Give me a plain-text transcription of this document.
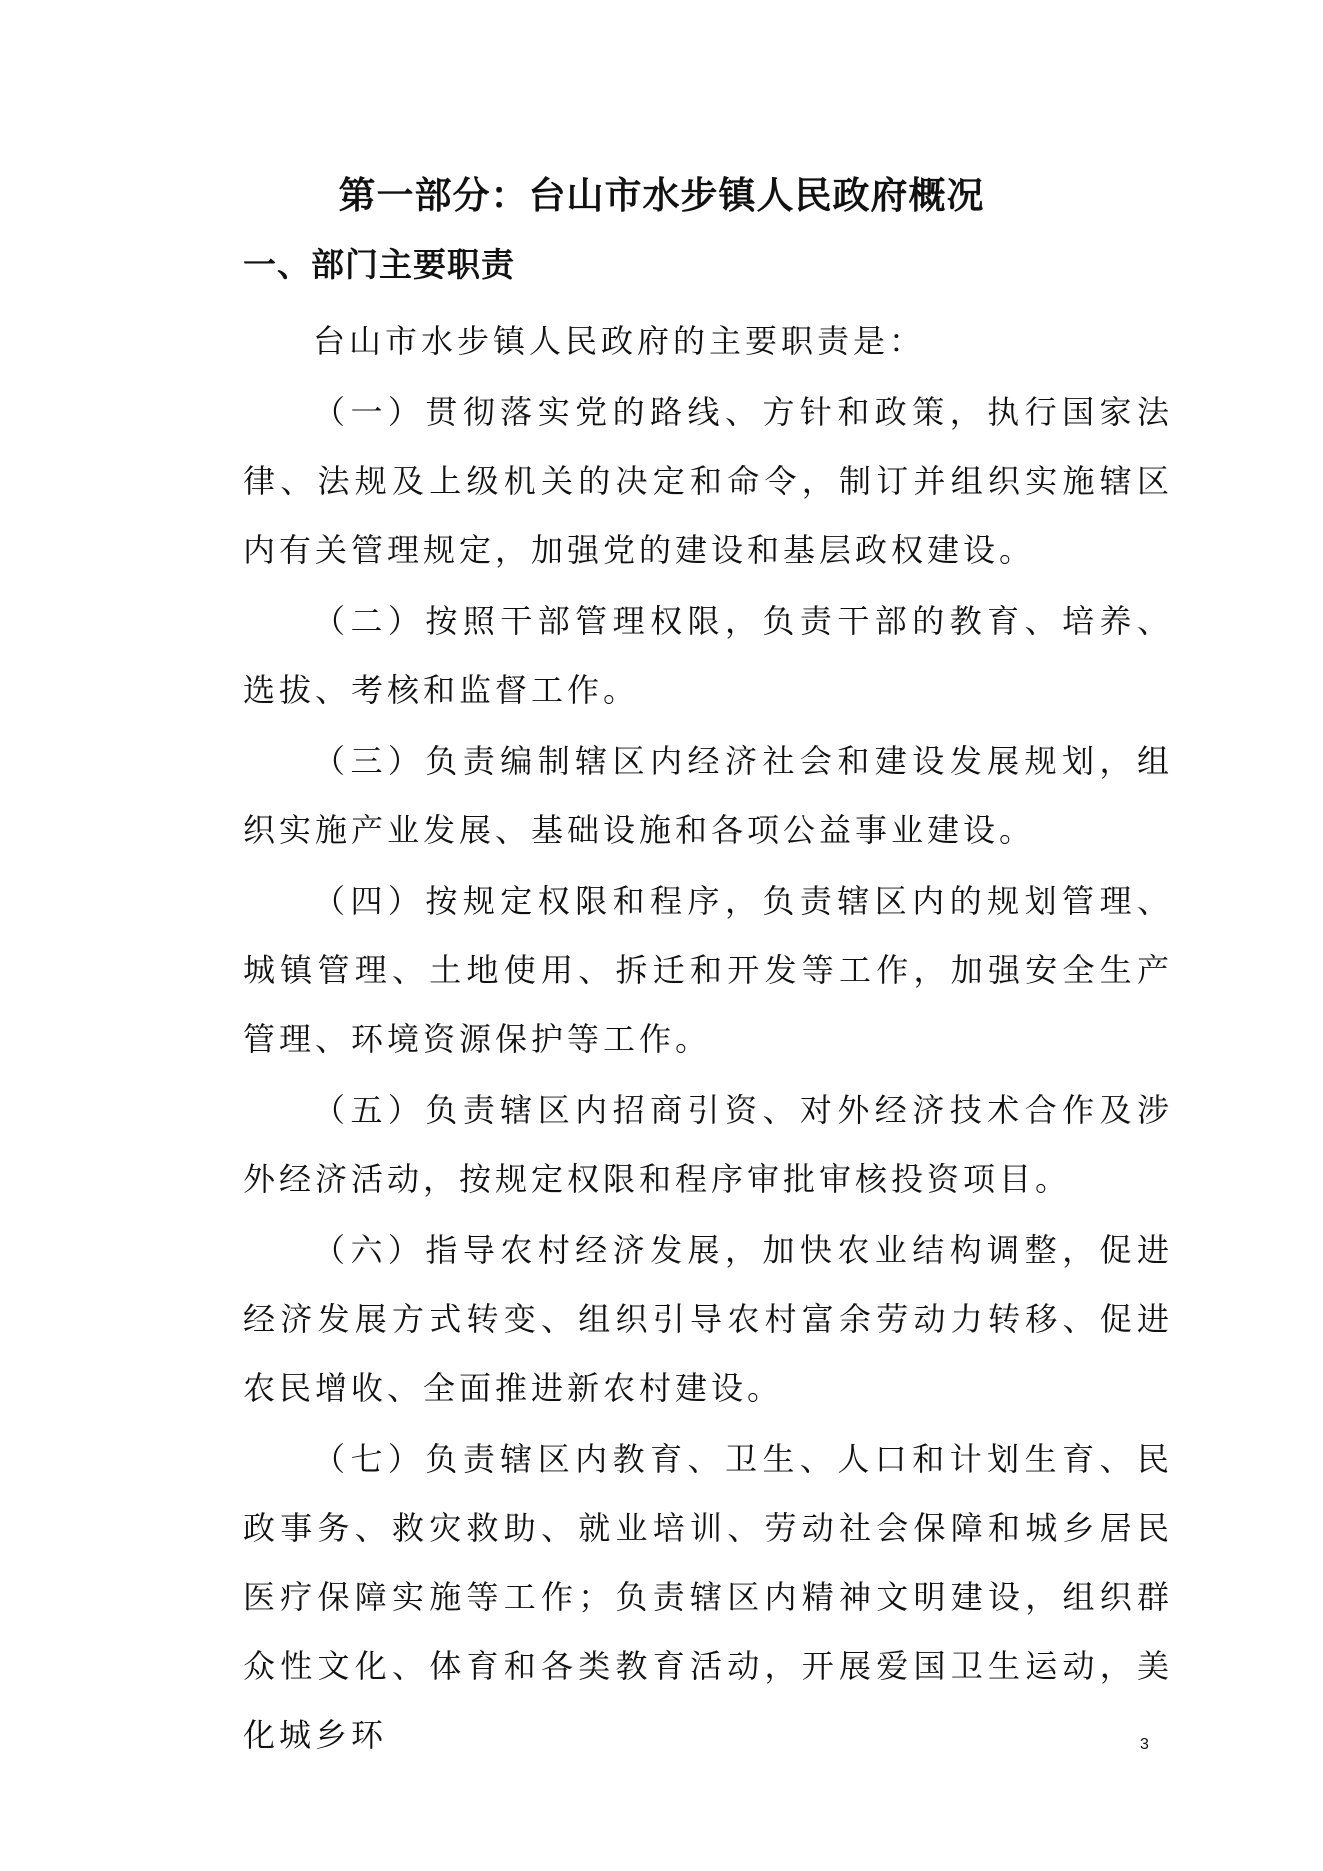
第一部分：台山市水步镇人民政府概况
一、部门主要职责

台山市水步镇人民政府的主要职责是：

（一）贯彻落实党的路线、方针和政策，执行国家法律、法规及上级机关的决定和命令，制订并组织实施辖区内有关管理规定，加强党的建设和基层政权建设。

（二）按照干部管理权限，负责干部的教育、培养、选拔、考核和监督工作。

（三）负责编制辖区内经济社会和建设发展规划，组织实施产业发展、基础设施和各项公益事业建设。

（四）按规定权限和程序，负责辖区内的规划管理、城镇管理、土地使用、拆迁和开发等工作，加强安全生产管理、环境资源保护等工作。

（五）负责辖区内招商引资、对外经济技术合作及涉外经济活动，按规定权限和程序审批审核投资项目。

（六）指导农村经济发展，加快农业结构调整，促进经济发展方式转变、组织引导农村富余劳动力转移、促进农民增收、全面推进新农村建设。

（七）负责辖区内教育、卫生、人口和计划生育、民政事务、救灾救助、就业培训、劳动社会保障和城乡居民医疗保障实施等工作；负责辖区内精神文明建设，组织群众性文化、体育和各类教育活动，开展爱国卫生运动，美化城乡环	3
